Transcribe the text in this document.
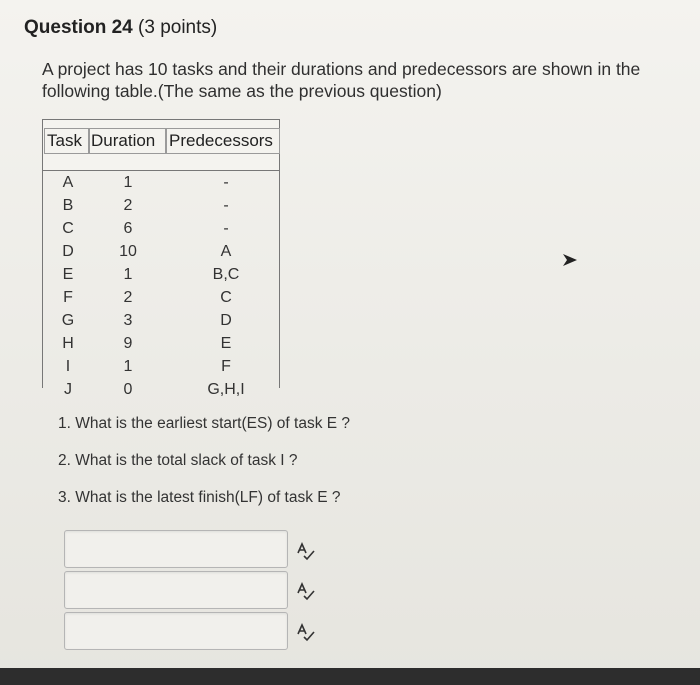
Question 24 (3 points)
A project has 10 tasks and their durations and predecessors are shown in the following table.(The same as the previous question)
Task Duration Predecessors
A	1	-
B	2	-
C	6	-
D	10	A
E	1	B,C
F	2	C
G	3	D
H	9	E
I	1	F
J	0	G,H,I
1. What is the earliest start(ES) of task E ?
2. What is the total slack of task I ?
3. What is the latest finish(LF) of task E ?
